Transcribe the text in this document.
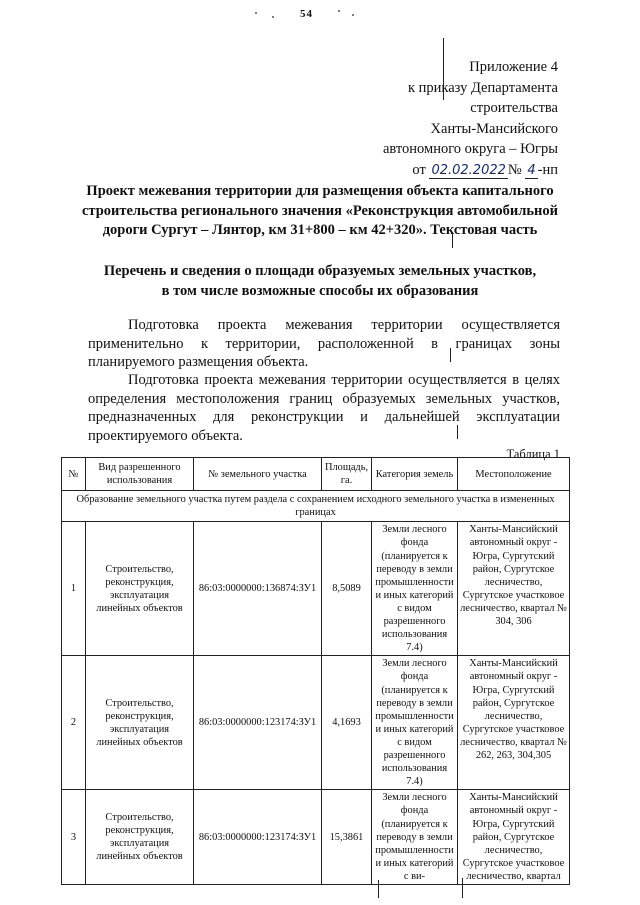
54
Приложение 4
к приказу Департамента
строительства
Ханты-Мансийского
автономного округа – Югры
от 02.02.2022 № 4 -нп
Проект межевания территории для размещения объекта капитального строительства регионального значения «Реконструкция автомобильной дороги Сургут – Лянтор, км 31+800 – км 42+320». Текстовая часть
Перечень и сведения о площади образуемых земельных участков,
в том числе возможные способы их образования
Подготовка проекта межевания территории осуществляется применительно к территории, расположенной в границах зоны планируемого размещения объекта.
Подготовка проекта межевания территории осуществляется в целях определения местоположения границ образуемых земельных участков, предназначенных для реконструкции и дальнейшей эксплуатации проектируемого объекта.
Таблица 1
№	Вид разрешенного использования	№ земельного участка	Площадь, га.	Категория земель	Местоположение
Образование земельного участка путем раздела с сохранением исходного земельного участка в измененных границах					
1	Строительство, реконструкция, эксплуатация линейных объектов	86:03:0000000:136874:ЗУ1	8,5089	Земли лесного фонда (планируется к переводу в земли промышленности и иных категорий с видом разрешенного использования 7.4)	Ханты-Мансийский автономный округ - Югра, Сургутский район, Сургутское лесничество, Сургутское участковое лесничество, квартал № 304, 306
2	Строительство, реконструкция, эксплуатация линейных объектов	86:03:0000000:123174:ЗУ1	4,1693	Земли лесного фонда (планируется к переводу в земли промышленности и иных категорий с видом разрешенного использования 7.4)	Ханты-Мансийский автономный округ - Югра, Сургутский район, Сургутское лесничество, Сургутское участковое лесничество, квартал № 262, 263, 304,305
3	Строительство, реконструкция, эксплуатация линейных объектов	86:03:0000000:123174:ЗУ1	15,3861	Земли лесного фонда (планируется к переводу в земли промышленности и иных категорий с ви-	Ханты-Мансийский автономный округ - Югра, Сургутский район, Сургутское лесничество, Сургутское участковое лесничество, квартал
